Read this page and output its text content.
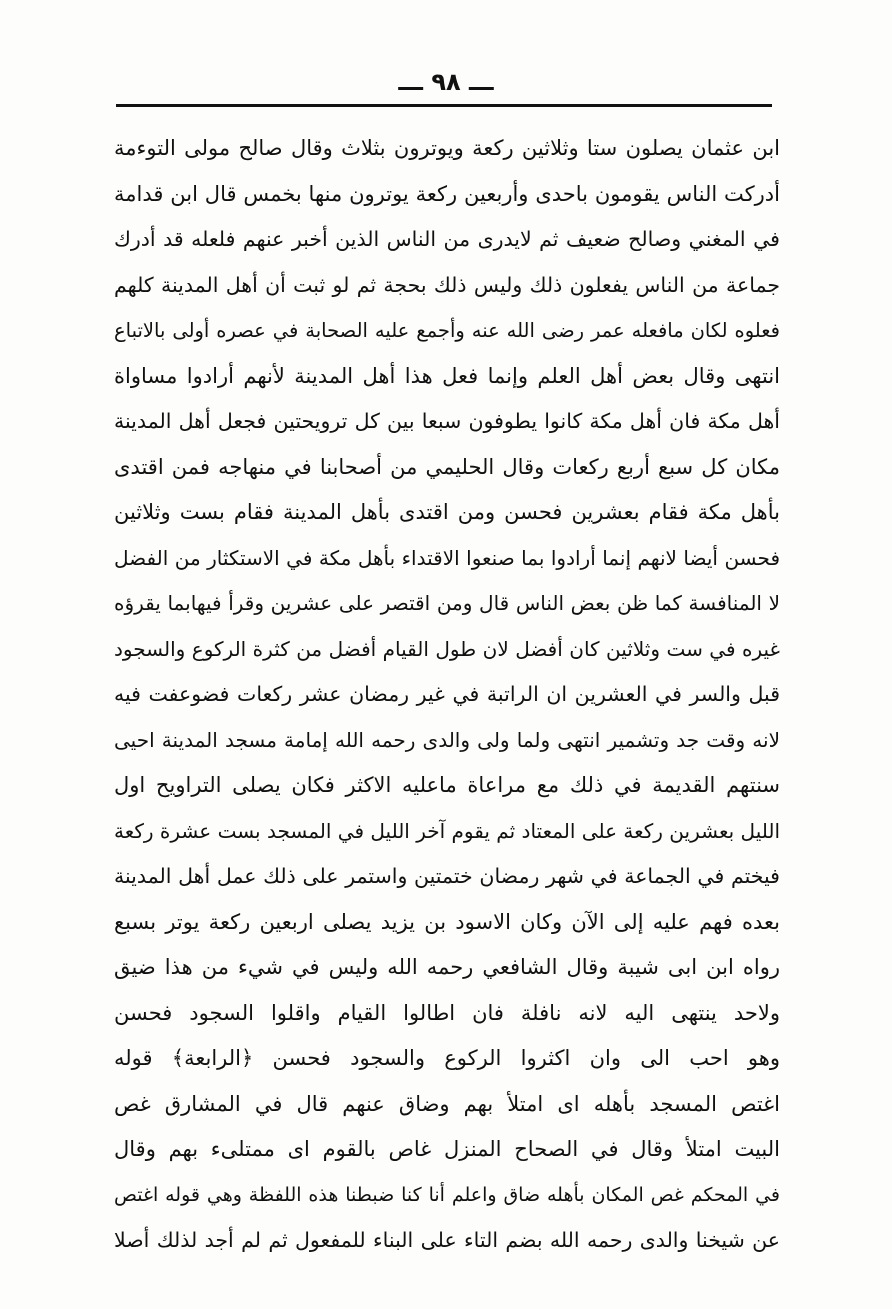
ـــ ٩٨ ـــ
ابن عثمان يصلون ستا وثلاثين ركعة ويوترون بثلاث وقال صالح مولى التوءمة
أدركت الناس يقومون باحدى وأربعين ركعة يوترون منها بخمس قال ابن قدامة
في المغني وصالح ضعيف ثم لايدرى من الناس الذين أخبر عنهم فلعله قد أدرك
جماعة من الناس يفعلون ذلك وليس ذلك بحجة ثم لو ثبت أن أهل المدينة كلهم
فعلوه لكان مافعله عمر رضى الله عنه وأجمع عليه الصحابة في عصره أولى بالاتباع
انتهى وقال بعض أهل العلم وإنما فعل هذا أهل المدينة لأنهم أرادوا مساواة
أهل مكة فان أهل مكة كانوا يطوفون سبعا بين كل ترويحتين فجعل أهل المدينة
مكان كل سبع أربع ركعات وقال الحليمي من أصحابنا في منهاجه فمن اقتدى
بأهل مكة فقام بعشرين فحسن ومن اقتدى بأهل المدينة فقام بست وثلاثين
فحسن أيضا لانهم إنما أرادوا بما صنعوا الاقتداء بأهل مكة في الاستكثار من الفضل
لا المنافسة كما ظن بعض الناس قال ومن اقتصر على عشرين وقرأ فيهابما يقرؤه
غيره في ست وثلاثين كان أفضل لان طول القيام أفضل من كثرة الركوع والسجود
قبل والسر في العشرين ان الراتبة في غير رمضان عشر ركعات فضوعفت فيه
لانه وقت جد وتشمير انتهى ولما ولى والدى رحمه الله إمامة مسجد المدينة احيى
سنتهم القديمة في ذلك مع مراعاة ماعليه الاكثر فكان يصلى التراويح اول
الليل بعشرين ركعة على المعتاد ثم يقوم آخر الليل في المسجد بست عشرة ركعة
فيختم في الجماعة في شهر رمضان ختمتين واستمر على ذلك عمل أهل المدينة
بعده فهم عليه إلى الآن وكان الاسود بن يزيد يصلى اربعين ركعة يوتر بسبع
رواه ابن ابى شيبة وقال الشافعي رحمه الله وليس في شيء من هذا ضيق
ولاحد ينتهى اليه لانه نافلة فان اطالوا القيام واقلوا السجود فحسن
وهو احب الى وان اكثروا الركوع والسجود فحسن ﴿الرابعة﴾ قوله
اغتص المسجد بأهله اى امتلأ بهم وضاق عنهم قال في المشارق غص
البيت امتلأ وقال في الصحاح المنزل غاص بالقوم اى ممتلىء بهم وقال
في المحكم غص المكان بأهله ضاق واعلم أنا كنا ضبطنا هذه اللفظة وهي قوله اغتص
عن شيخنا والدى رحمه الله بضم التاء على البناء للمفعول ثم لم أجد لذلك أصلا
